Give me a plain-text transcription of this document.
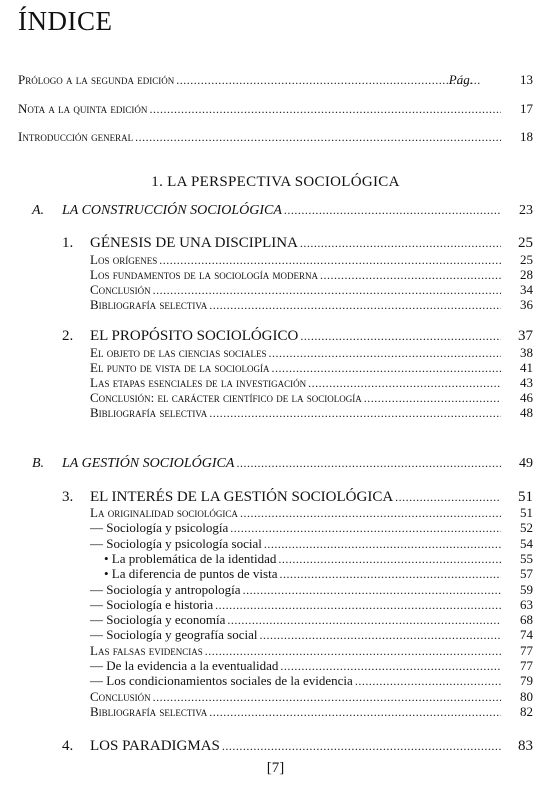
ÍNDICE
Prólogo a la segunda edición .....	Pág.	13
Nota a la quinta edición .....	17
Introducción general .....	18
1. LA PERSPECTIVA SOCIOLÓGICA
A.	LA CONSTRUCCIÓN SOCIOLÓGICA .....	23
1.	GÉNESIS DE UNA DISCIPLINA .....	25
Los orígenes .....	25
Los fundamentos de la sociología moderna .....	28
Conclusión .....	34
Bibliografía selectiva .....	36
2.	EL PROPÓSITO SOCIOLÓGICO .....	37
El objeto de las ciencias sociales .....	38
El punto de vista de la sociología .....	41
Las etapas esenciales de la investigación .....	43
Conclusión: el carácter científico de la sociología .....	46
Bibliografía selectiva .....	48
B.	LA GESTIÓN SOCIOLÓGICA .....	49
3.	EL INTERÉS DE LA GESTIÓN SOCIOLÓGICA .....	51
La originalidad sociológica .....	51
— Sociología y psicología .....	52
— Sociología y psicología social .....	54
• La problemática de la identidad .....	55
• La diferencia de puntos de vista .....	57
— Sociología y antropología .....	59
— Sociología e historia .....	63
— Sociología y economía .....	68
— Sociología y geografía social .....	74
Las falsas evidencias .....	77
— De la evidencia a la eventualidad .....	77
— Los condicionamientos sociales de la evidencia .....	79
Conclusión .....	80
Bibliografía selectiva .....	82
4.	LOS PARADIGMAS .....	83
[7]
